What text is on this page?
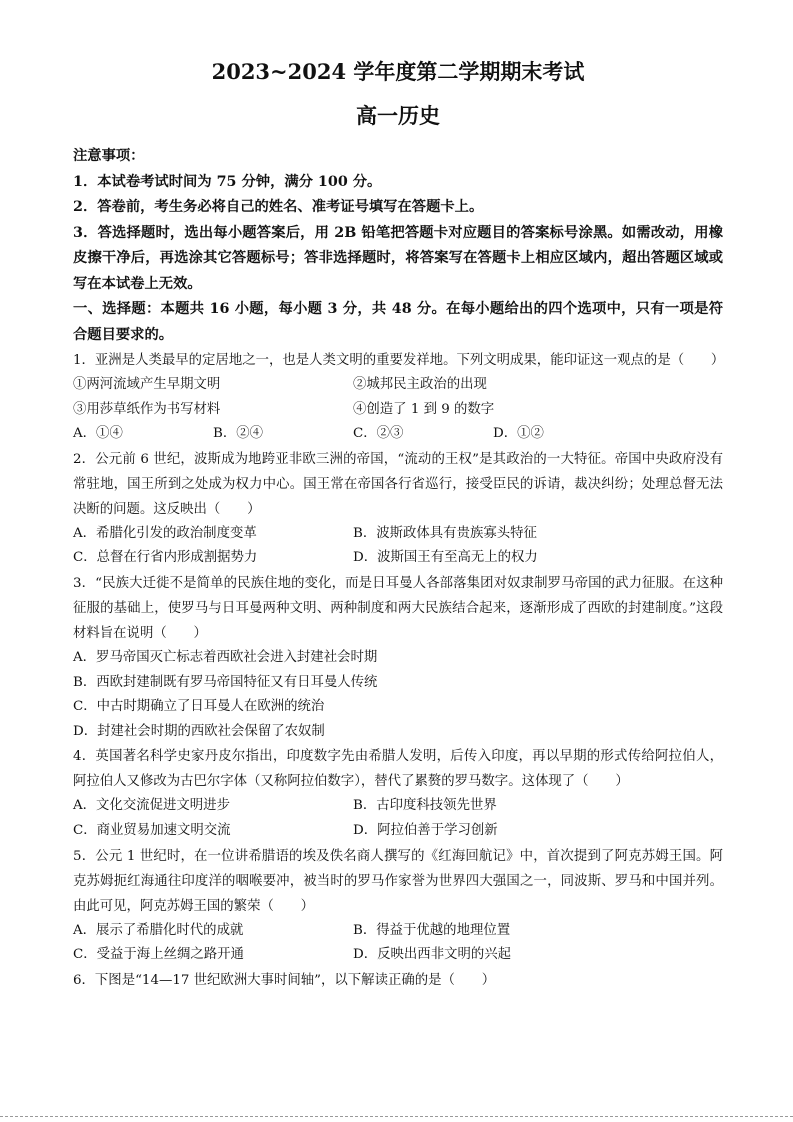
2023~2024 学年度第二学期期末考试

高一历史

注意事项：

1．本试卷考试时间为 75 分钟，满分 100 分。

2．答卷前，考生务必将自己的姓名、准考证号填写在答题卡上。

3．答选择题时，选出每小题答案后，用 2B 铅笔把答题卡对应题目的答案标号涂黑。如需改动，用橡皮擦干净后，再选涂其它答题标号；答非选择题时，将答案写在答题卡上相应区域内，超出答题区域或写在本试卷上无效。

一、选择题：本题共 16 小题，每小题 3 分，共 48 分。在每小题给出的四个选项中，只有一项是符合题目要求的。

1．亚洲是人类最早的定居地之一，也是人类文明的重要发祥地。下列文明成果，能印证这一观点的是（　　）

①两河流域产生早期文明	②城邦民主政治的出现
③用莎草纸作为书写材料	④创造了 1 到 9 的数字
A．①④	B．②④	C．②③	D．①②

2．公元前 6 世纪，波斯成为地跨亚非欧三洲的帝国，“流动的王权”是其政治的一大特征。帝国中央政府没有常驻地，国王所到之处成为权力中心。国王常在帝国各行省巡行，接受臣民的诉请，裁决纠纷；处理总督无法决断的问题。这反映出（　　）

A．希腊化引发的政治制度变革	B．波斯政体具有贵族寡头特征
C．总督在行省内形成割据势力	D．波斯国王有至高无上的权力

3．“民族大迁徙不是简单的民族住地的变化，而是日耳曼人各部落集团对奴隶制罗马帝国的武力征服。在这种征服的基础上，使罗马与日耳曼两种文明、两种制度和两大民族结合起来，逐渐形成了西欧的封建制度。”这段材料旨在说明（　　）

A．罗马帝国灭亡标志着西欧社会进入封建社会时期
B．西欧封建制既有罗马帝国特征又有日耳曼人传统
C．中古时期确立了日耳曼人在欧洲的统治
D．封建社会时期的西欧社会保留了农奴制

4．英国著名科学史家丹皮尔指出，印度数字先由希腊人发明，后传入印度，再以早期的形式传给阿拉伯人，阿拉伯人又修改为古巴尔字体（又称阿拉伯数字），替代了累赘的罗马数字。这体现了（　　）

A．文化交流促进文明进步	B．古印度科技领先世界
C．商业贸易加速文明交流	D．阿拉伯善于学习创新

5．公元 1 世纪时，在一位讲希腊语的埃及佚名商人撰写的《红海回航记》中，首次提到了阿克苏姆王国。阿克苏姆扼红海通往印度洋的咽喉要冲，被当时的罗马作家誉为世界四大强国之一，同波斯、罗马和中国并列。由此可见，阿克苏姆王国的繁荣（　　）

A．展示了希腊化时代的成就	B．得益于优越的地理位置
C．受益于海上丝绸之路开通	D．反映出西非文明的兴起

6．下图是“14—17 世纪欧洲大事时间轴”，以下解读正确的是（　　）
